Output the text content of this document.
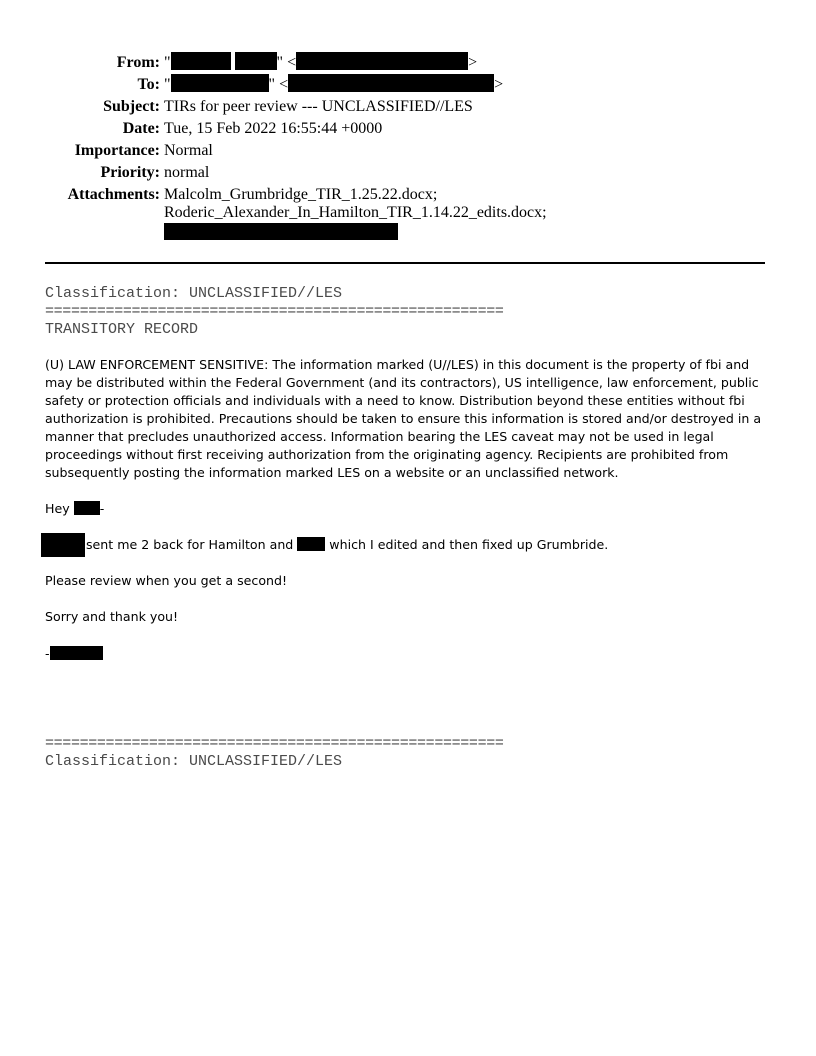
From: "	" <	>
To: "	" <	>
Subject: TIRs for peer review --- UNCLASSIFIED//LES
Date: Tue, 15 Feb 2022 16:55:44 +0000
Importance: Normal
Priority: normal
Attachments: Malcolm_Grumbridge_TIR_1.25.22.docx;
Roderic_Alexander_In_Hamilton_TIR_1.14.22_edits.docx;
Classification: UNCLASSIFIED//LES
=====================================================
TRANSITORY RECORD
(U) LAW ENFORCEMENT SENSITIVE: The information marked (U//LES) in this document is the property of fbi and may be distributed within the Federal Government (and its contractors), US intelligence, law enforcement, public safety or protection officials and individuals with a need to know. Distribution beyond these entities without fbi authorization is prohibited. Precautions should be taken to ensure this information is stored and/or destroyed in a manner that precludes unauthorized access. Information bearing the LES caveat may not be used in legal proceedings without first receiving authorization from the originating agency. Recipients are prohibited from subsequently posting the information marked LES on a website or an unclassified network.
Hey -
sent me 2 back for Hamilton and  which I edited and then fixed up Grumbride.
Please review when you get a second!
Sorry and thank you!
-
=====================================================
Classification: UNCLASSIFIED//LES
